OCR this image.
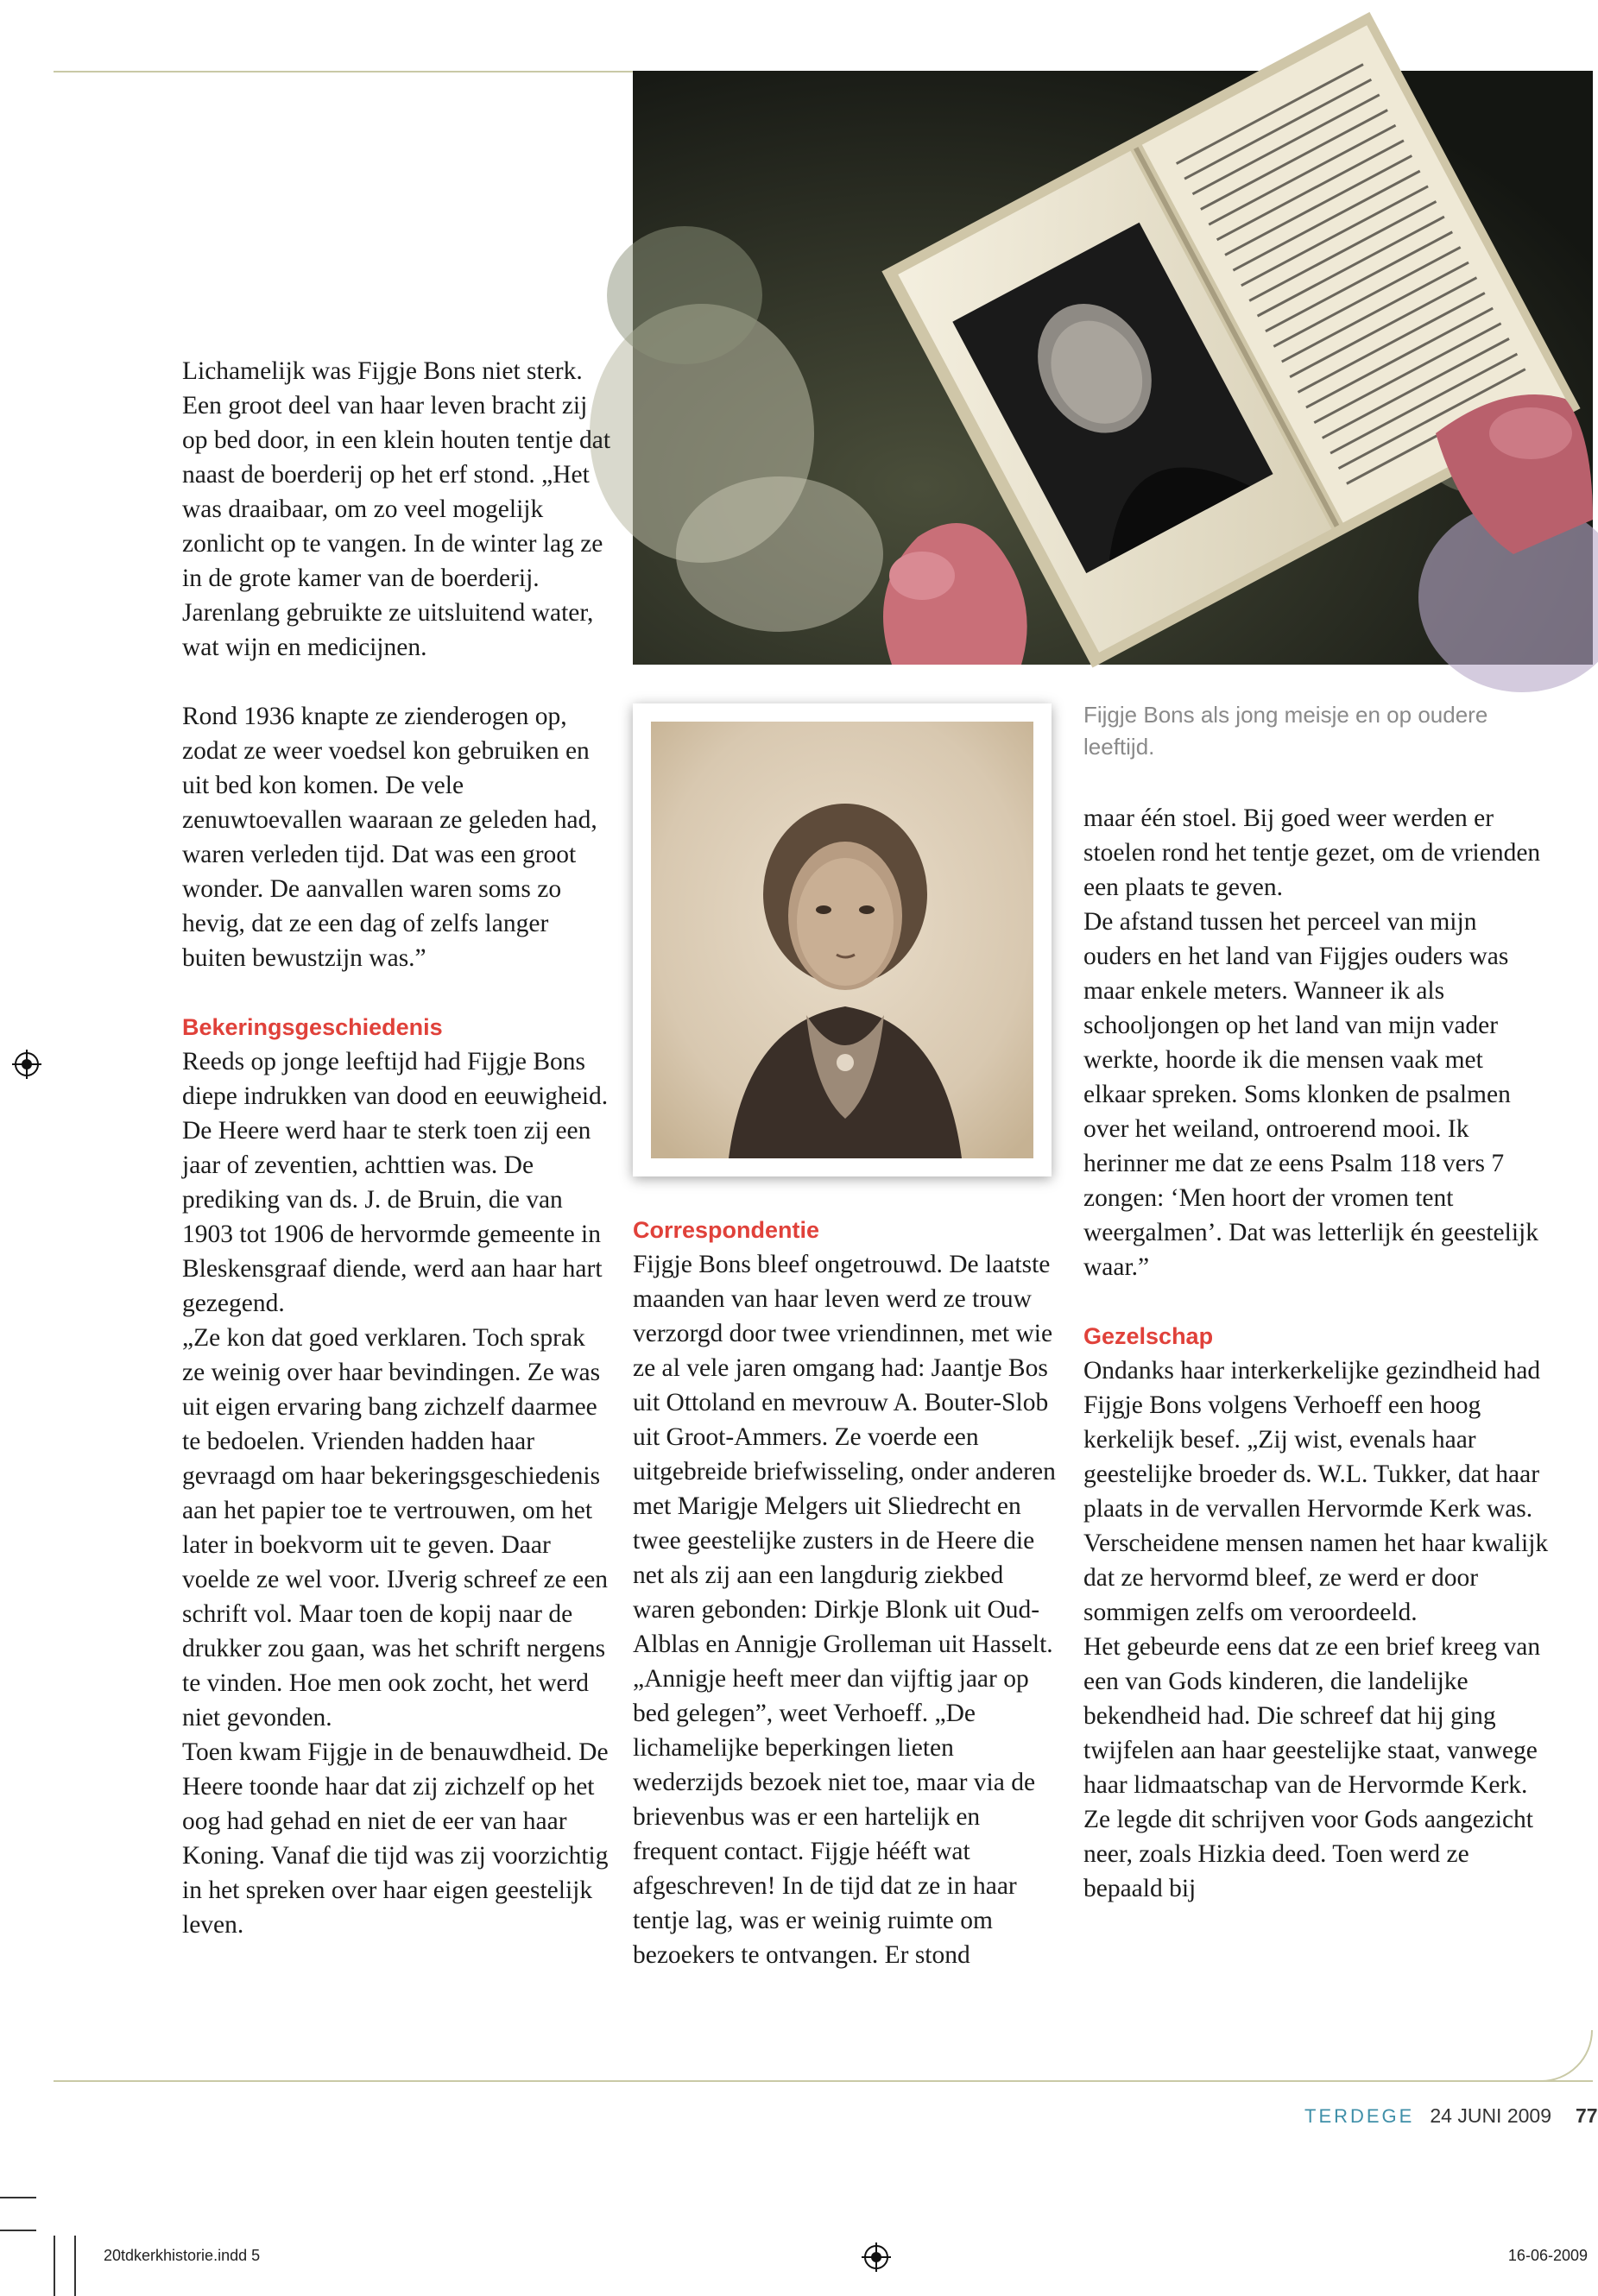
Lichamelijk was Fijgje Bons niet sterk. Een groot deel van haar leven bracht zij op bed door, in een klein houten tentje dat naast de boerderij op het erf stond. „Het was draaibaar, om zo veel mogelijk zonlicht op te vangen. In de winter lag ze in de grote kamer van de boerderij. Jarenlang gebruikte ze uitsluitend water, wat wijn en medicijnen.

Rond 1936 knapte ze zienderogen op, zodat ze weer voedsel kon gebruiken en uit bed kon komen. De vele zenuwtoevallen waaraan ze geleden had, waren verleden tijd. Dat was een groot wonder. De aanvallen waren soms zo hevig, dat ze een dag of zelfs langer buiten bewustzijn was.”

Bekeringsgeschiedenis

Reeds op jonge leeftijd had Fijgje Bons diepe indrukken van dood en eeuwigheid. De Heere werd haar te sterk toen zij een jaar of zeventien, achttien was. De prediking van ds. J. de Bruin, die van 1903 tot 1906 de hervormde gemeente in Bleskensgraaf diende, werd aan haar hart gezegend.

„Ze kon dat goed verklaren. Toch sprak ze weinig over haar bevindingen. Ze was uit eigen ervaring bang zichzelf daarmee te bedoelen. Vrienden hadden haar gevraagd om haar bekeringsgeschiedenis aan het papier toe te vertrouwen, om het later in boekvorm uit te geven. Daar voelde ze wel voor. IJverig schreef ze een schrift vol. Maar toen de kopij naar de drukker zou gaan, was het schrift nergens te vinden. Hoe men ook zocht, het werd niet gevonden.

Toen kwam Fijgje in de benauwdheid. De Heere toonde haar dat zij zichzelf op het oog had gehad en niet de eer van haar Koning. Vanaf die tijd was zij voorzichtig in het spreken over haar eigen geestelijk leven.

Fijgje Bons als jong meisje en op oudere leeftijd.
Correspondentie

Fijgje Bons bleef ongetrouwd. De laatste maanden van haar leven werd ze trouw verzorgd door twee vriendinnen, met wie ze al vele jaren omgang had: Jaantje Bos uit Ottoland en mevrouw A. Bouter-Slob uit Groot-Ammers. Ze voerde een uitgebreide briefwisseling, onder anderen met Marigje Melgers uit Sliedrecht en twee geestelijke zusters in de Heere die net als zij aan een langdurig ziekbed waren gebonden: Dirkje Blonk uit Oud-Alblas en Annigje Grolleman uit Hasselt.

„Annigje heeft meer dan vijftig jaar op bed gelegen”, weet Verhoeff. „De lichamelijke beperkingen lieten wederzijds bezoek niet toe, maar via de brievenbus was er een hartelijk en frequent contact. Fijgje hééft wat afgeschreven! In de tijd dat ze in haar tentje lag, was er weinig ruimte om bezoekers te ontvangen. Er stond

maar één stoel. Bij goed weer werden er stoelen rond het tentje gezet, om de vrienden een plaats te geven.

De afstand tussen het perceel van mijn ouders en het land van Fijgjes ouders was maar enkele meters. Wanneer ik als schooljongen op het land van mijn vader werkte, hoorde ik die mensen vaak met elkaar spreken. Soms klonken de psalmen over het weiland, ontroerend mooi. Ik herinner me dat ze eens Psalm 118 vers 7 zongen: ‘Men hoort der vromen tent weergalmen’. Dat was letterlijk én geestelijk waar.”

Gezelschap

Ondanks haar interkerkelijke gezindheid had Fijgje Bons volgens Verhoeff een hoog kerkelijk besef. „Zij wist, evenals haar geestelijke broeder ds. W.L. Tukker, dat haar plaats in de vervallen Hervormde Kerk was. Verscheidene mensen namen het haar kwalijk dat ze hervormd bleef, ze werd er door sommigen zelfs om veroordeeld.

Het gebeurde eens dat ze een brief kreeg van een van Gods kinderen, die landelijke bekendheid had. Die schreef dat hij ging twijfelen aan haar geestelijke staat, vanwege haar lidmaatschap van de Hervormde Kerk. Ze legde dit schrijven voor Gods aangezicht neer, zoals Hizkia deed. Toen werd ze bepaald bij

TERDEGE 24 JUNI 2009 77
20tdkerkhistorie.indd 5	16-06-2009
